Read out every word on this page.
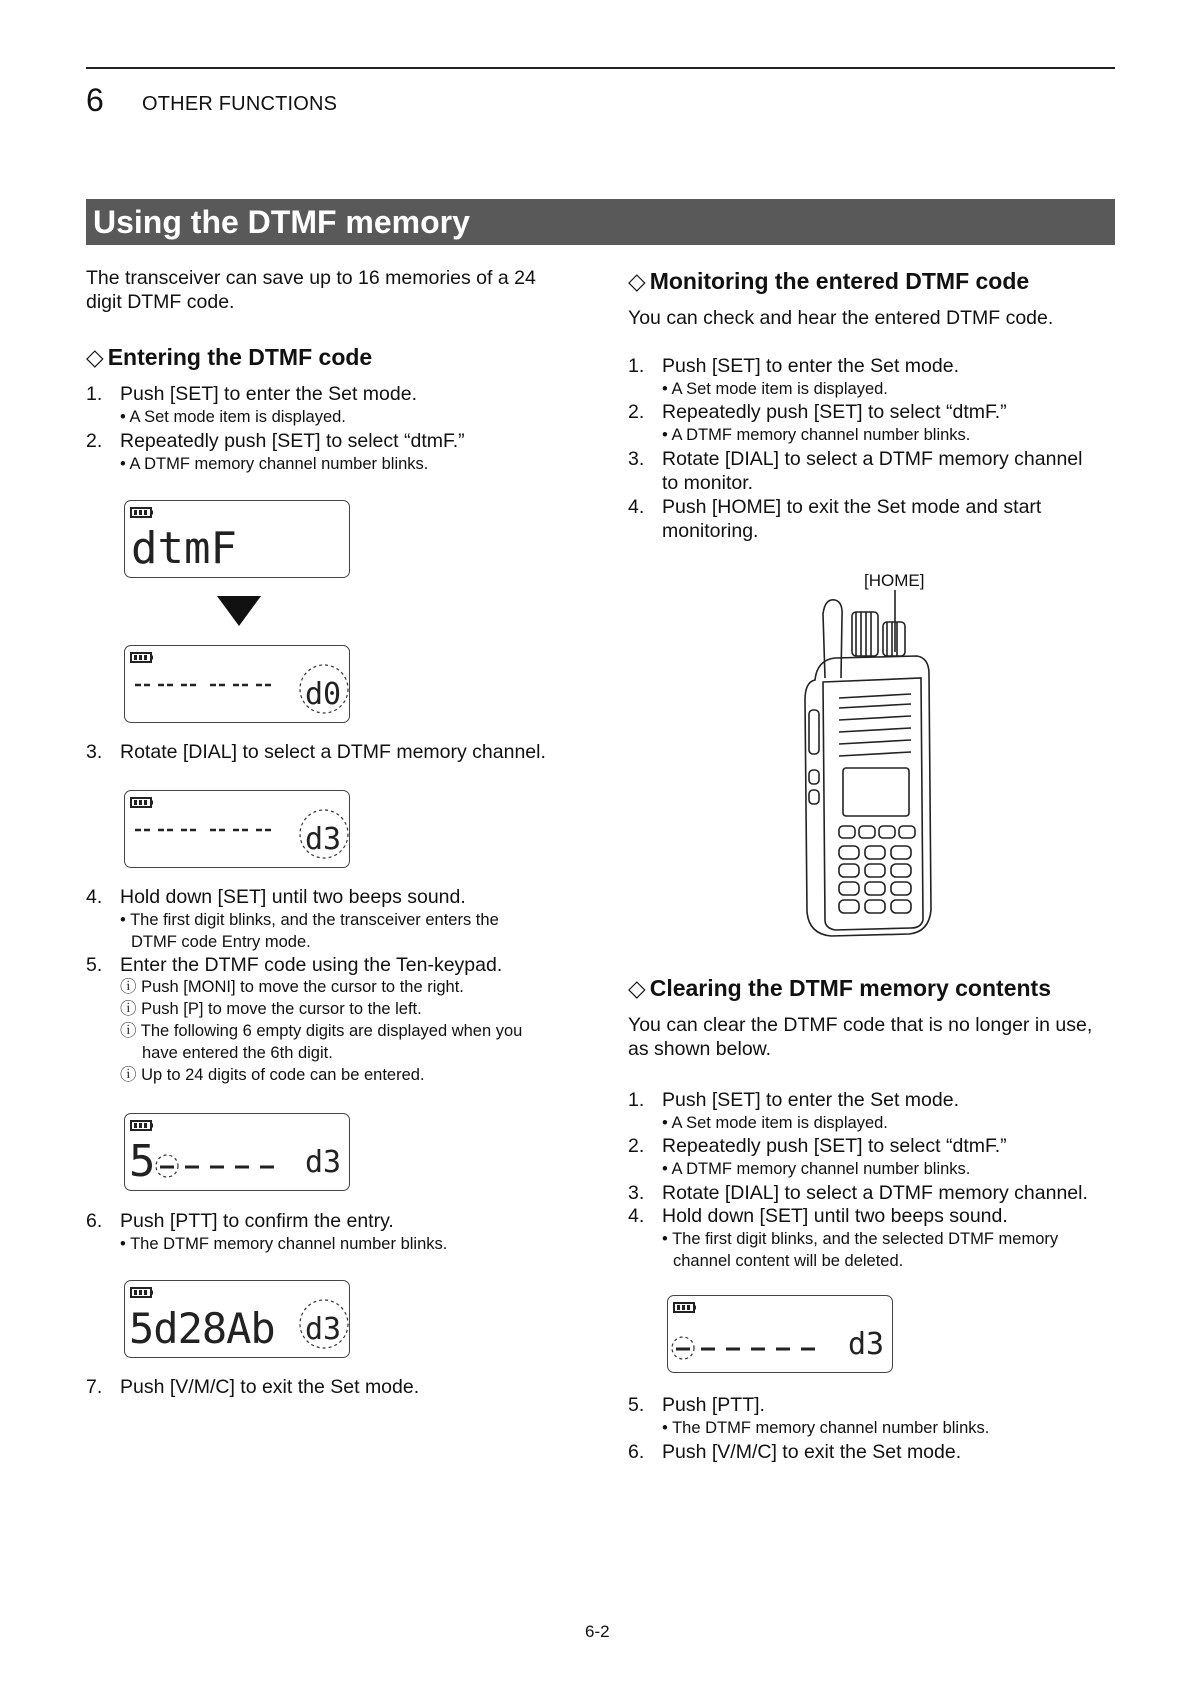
6 OTHER FUNCTIONS
Using the DTMF memory
The transceiver can save up to 16 memories of a 24
digit DTMF code.
◇ Entering the DTMF code
1. Push [SET] to enter the Set mode.
• A Set mode item is displayed.
2. Repeatedly push [SET] to select “dtmF.”
• A DTMF memory channel number blinks.
dtmF
d0
3. Rotate [DIAL] to select a DTMF memory channel.
d3
4. Hold down [SET] until two beeps sound.
• The first digit blinks, and the transceiver enters the
DTMF code Entry mode.
5. Enter the DTMF code using the Ten-keypad.
ⓘ Push [MONI] to move the cursor to the right.
ⓘ Push [P] to move the cursor to the left.
ⓘ The following 6 empty digits are displayed when you
have entered the 6th digit.
ⓘ Up to 24 digits of code can be entered.
5	d3
6. Push [PTT] to confirm the entry.
• The DTMF memory channel number blinks.
5d28Ab d3
7. Push [V/M/C] to exit the Set mode.
◇ Monitoring the entered DTMF code
You can check and hear the entered DTMF code.
1. Push [SET] to enter the Set mode.
• A Set mode item is displayed.
2. Repeatedly push [SET] to select “dtmF.”
• A DTMF memory channel number blinks.
3. Rotate [DIAL] to select a DTMF memory channel
to monitor.
4. Push [HOME] to exit the Set mode and start
monitoring.
[HOME]
◇ Clearing the DTMF memory contents
You can clear the DTMF code that is no longer in use,
as shown below.
1. Push [SET] to enter the Set mode.
• A Set mode item is displayed.
2. Repeatedly push [SET] to select “dtmF.”
• A DTMF memory channel number blinks.
3. Rotate [DIAL] to select a DTMF memory channel.
4. Hold down [SET] until two beeps sound.
• The first digit blinks, and the selected DTMF memory
channel content will be deleted.
d3
5. Push [PTT].
• The DTMF memory channel number blinks.
6. Push [V/M/C] to exit the Set mode.
6-2
